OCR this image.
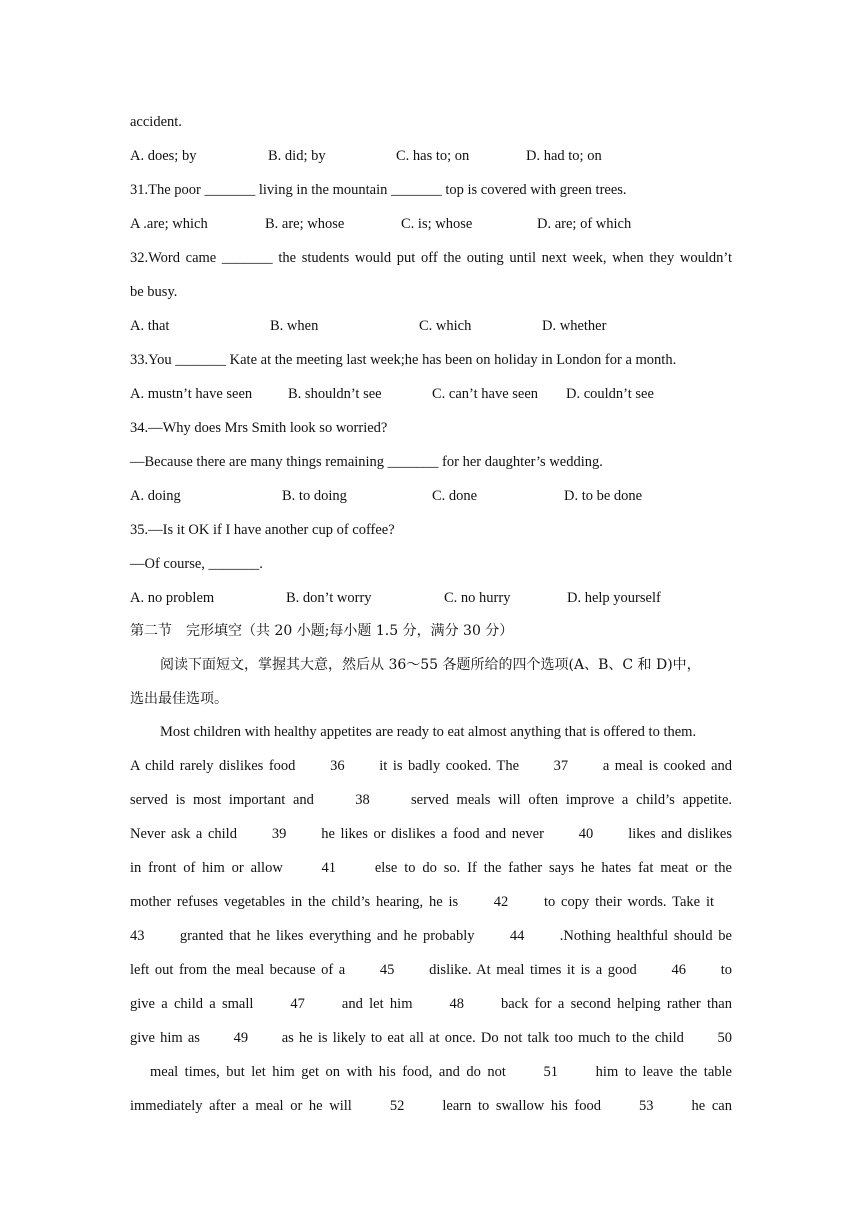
accident.
A. does; by	B. did; by	C. has to; on	D. had to; on
31.The poor _______ living in the mountain _______ top is covered with green trees.
A .are; which	B. are; whose	C. is; whose	D. are; of which
32.Word came _______ the students would put off the outing until next week, when they wouldn’t
be busy.
A. that	B. when	C. which	D. whether
33.You _______ Kate at the meeting last week;he has been on holiday in London for a month.
A. mustn’t have seen B. shouldn’t see	C. can’t have seen D. couldn’t see
34.—Why does Mrs Smith look so worried?
—Because there are many things remaining _______ for her daughter’s wedding.
A. doing	B. to doing	C. done	D. to be done
35.—Is it OK if I have another cup of coffee?
—Of course, _______.
A. no problem	B. don’t worry	C. no hurry	D. help yourself
第二节　完形填空（共 20 小题;每小题 1.5 分，满分 30 分）
阅读下面短文，掌握其大意，然后从 36～55 各题所给的四个选项(A、B、C 和 D)中，
选出最佳选项。
Most children with healthy appetites are ready to eat almost anything that is offered to them.
A child rarely dislikes food　　36　　it is badly cooked. The　　37　　a meal is cooked and
served is most important and　　38　　served meals will often improve a child’s appetite.
Never ask a child　　39　　he likes or dislikes a food and never　　40　　likes and dislikes
in front of him or allow　　41　　else to do so. If the father says he hates fat meat or the
mother refuses vegetables in the child’s hearing, he is　　42　　to copy their words. Take it
43　　granted that he likes everything and he probably　　44　　.Nothing healthful should be
left out from the meal because of a　　45　　dislike. At meal times it is a good　　46　　to
give a child a small　　47　　and let him　　48　　back for a second helping rather than
give him as　　49　　as he is likely to eat all at once. Do not talk too much to the child　　50
meal times, but let him get on with his food, and do not　　51　　him to leave the table
immediately after a meal or he will　　52　　learn to swallow his food　　53　　he can
